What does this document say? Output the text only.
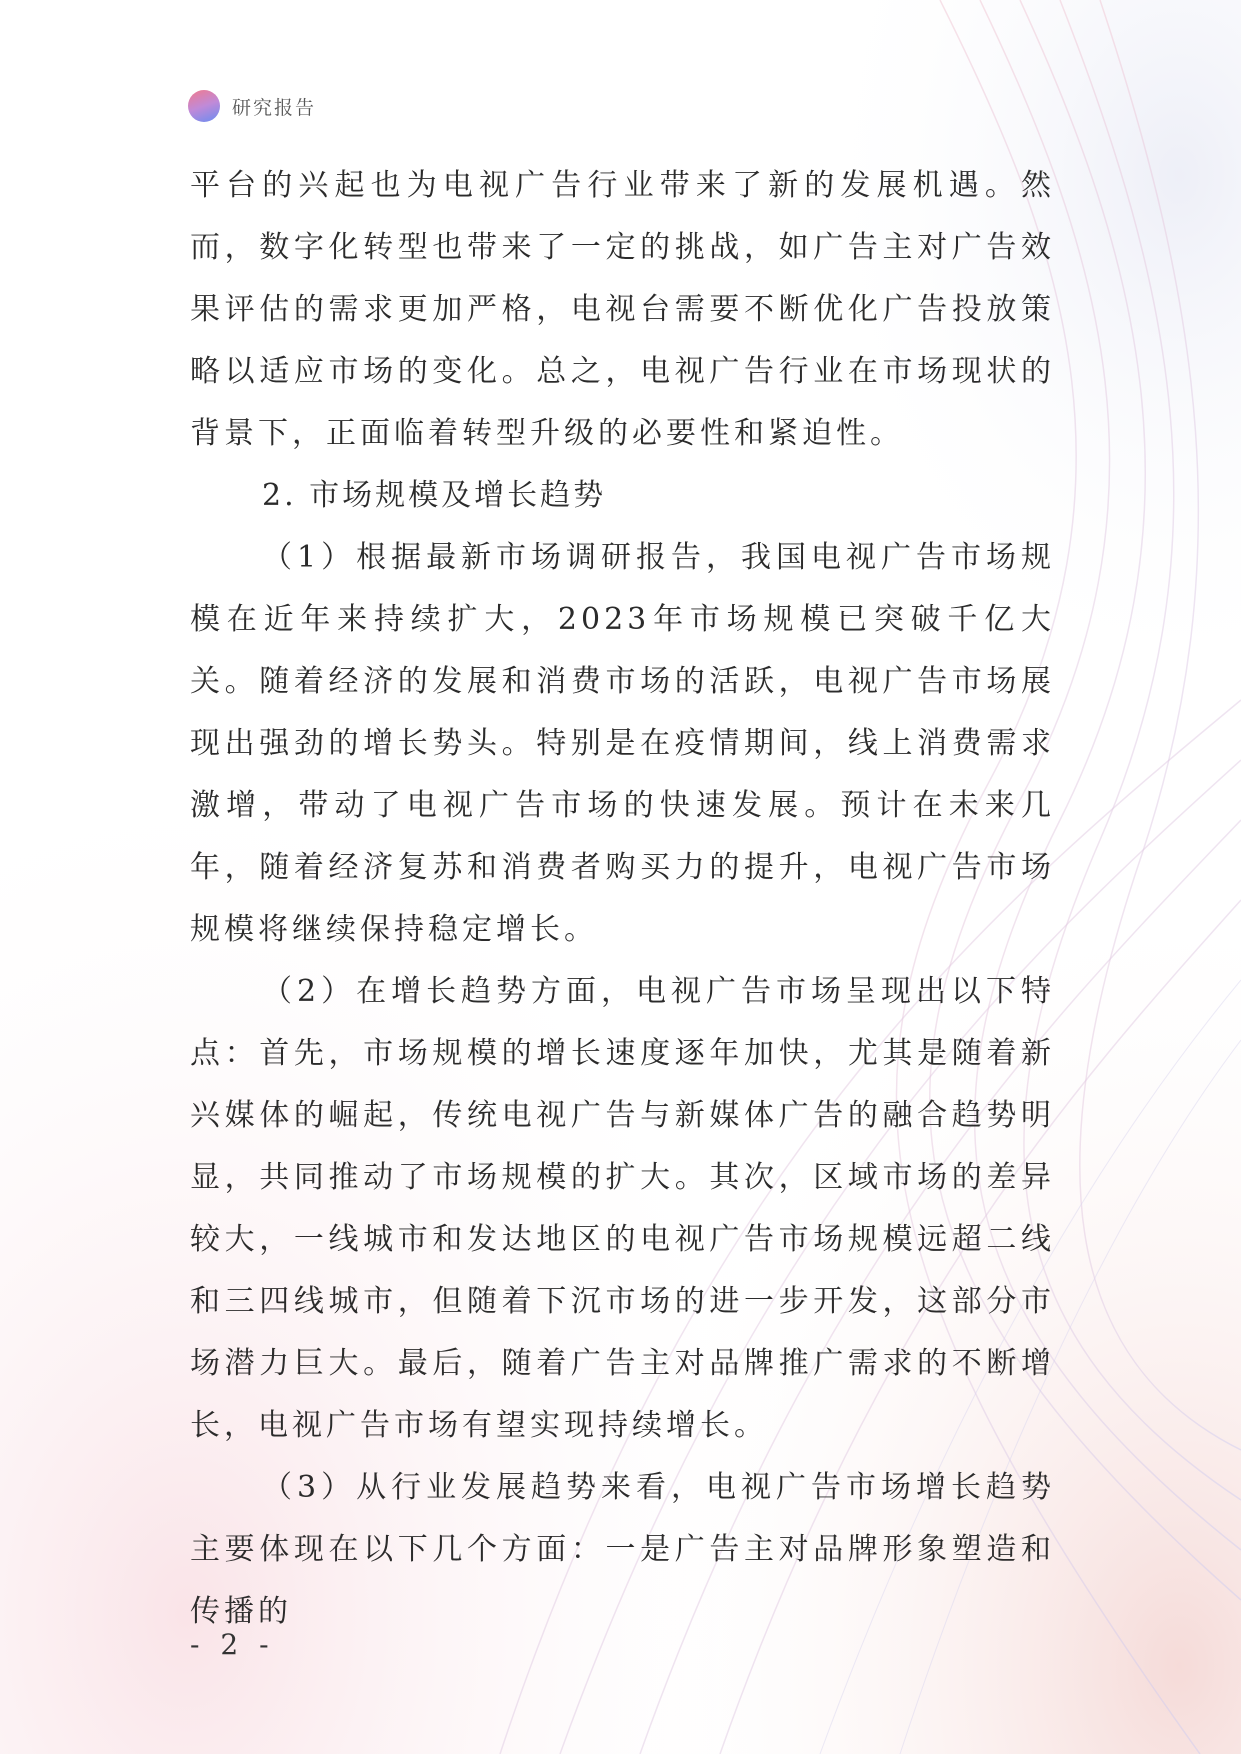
研究报告

平台的兴起也为电视广告行业带来了新的发展机遇。然而，数字化转型也带来了一定的挑战，如广告主对广告效果评估的需求更加严格，电视台需要不断优化广告投放策略以适应市场的变化。总之，电视广告行业在市场现状的背景下，正面临着转型升级的必要性和紧迫性。

2. 市场规模及增长趋势

（1）根据最新市场调研报告，我国电视广告市场规模在近年来持续扩大，2023年市场规模已突破千亿大关。随着经济的发展和消费市场的活跃，电视广告市场展现出强劲的增长势头。特别是在疫情期间，线上消费需求激增，带动了电视广告市场的快速发展。预计在未来几年，随着经济复苏和消费者购买力的提升，电视广告市场规模将继续保持稳定增长。

（2）在增长趋势方面，电视广告市场呈现出以下特点：首先，市场规模的增长速度逐年加快，尤其是随着新兴媒体的崛起，传统电视广告与新媒体广告的融合趋势明显，共同推动了市场规模的扩大。其次，区域市场的差异较大，一线城市和发达地区的电视广告市场规模远超二线和三四线城市，但随着下沉市场的进一步开发，这部分市场潜力巨大。最后，随着广告主对品牌推广需求的不断增长，电视广告市场有望实现持续增长。

（3）从行业发展趋势来看，电视广告市场增长趋势主要体现在以下几个方面：一是广告主对品牌形象塑造和传播的

- 2 -
